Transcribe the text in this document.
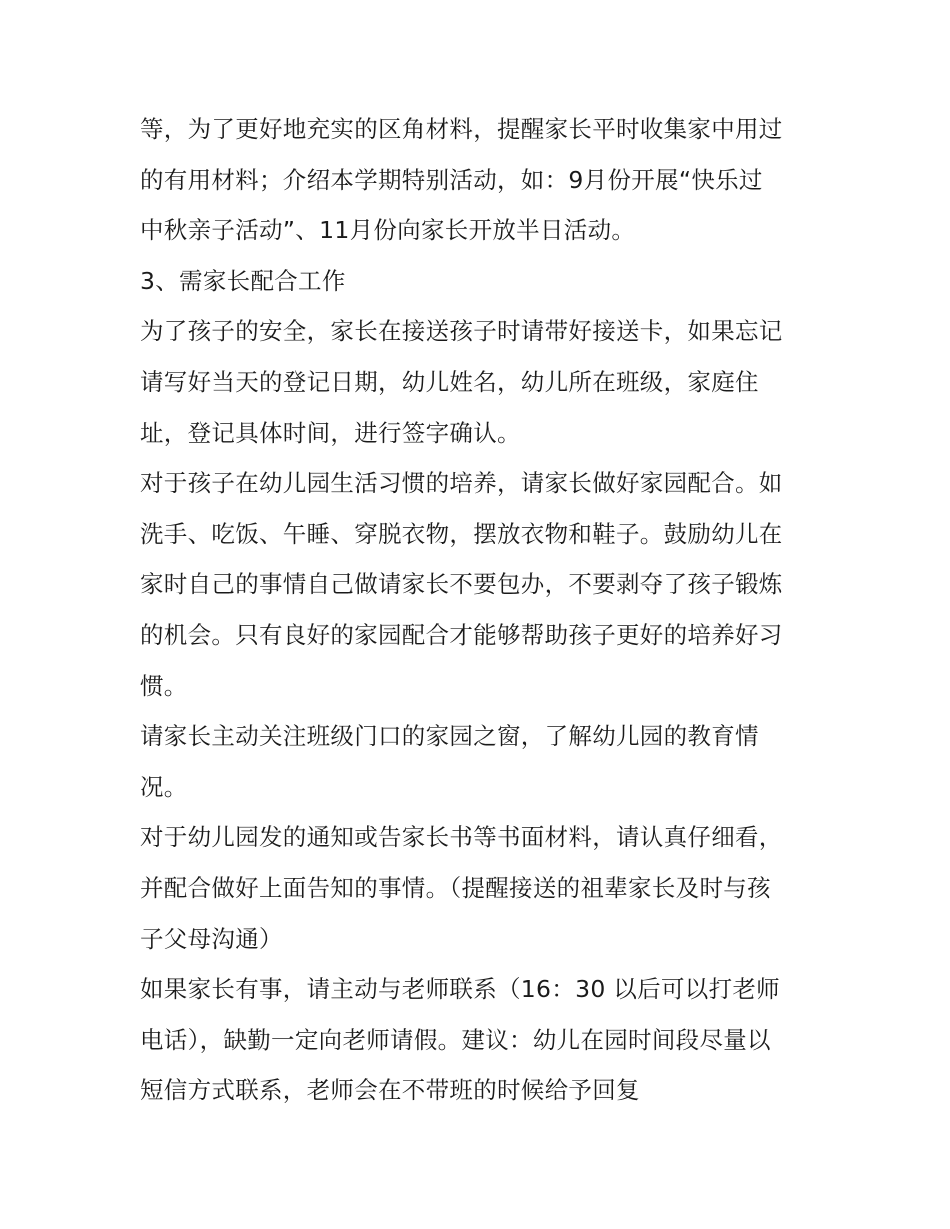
等，为了更好地充实的区角材料，提醒家长平时收集家中用过
的有用材料；介绍本学期特别活动，如：9月份开展“快乐过
中秋亲子活动”、11月份向家长开放半日活动。
3、需家长配合工作
为了孩子的安全，家长在接送孩子时请带好接送卡，如果忘记
请写好当天的登记日期，幼儿姓名，幼儿所在班级，家庭住
址，登记具体时间，进行签字确认。
对于孩子在幼儿园生活习惯的培养，请家长做好家园配合。如
洗手、吃饭、午睡、穿脱衣物，摆放衣物和鞋子。鼓励幼儿在
家时自己的事情自己做请家长不要包办，不要剥夺了孩子锻炼
的机会。只有良好的家园配合才能够帮助孩子更好的培养好习
惯。
请家长主动关注班级门口的家园之窗，了解幼儿园的教育情
况。
对于幼儿园发的通知或告家长书等书面材料，请认真仔细看，
并配合做好上面告知的事情。（提醒接送的祖辈家长及时与孩
子父母沟通）
如果家长有事，请主动与老师联系（16：30 以后可以打老师
电话），缺勤一定向老师请假。建议：幼儿在园时间段尽量以
短信方式联系，老师会在不带班的时候给予回复
